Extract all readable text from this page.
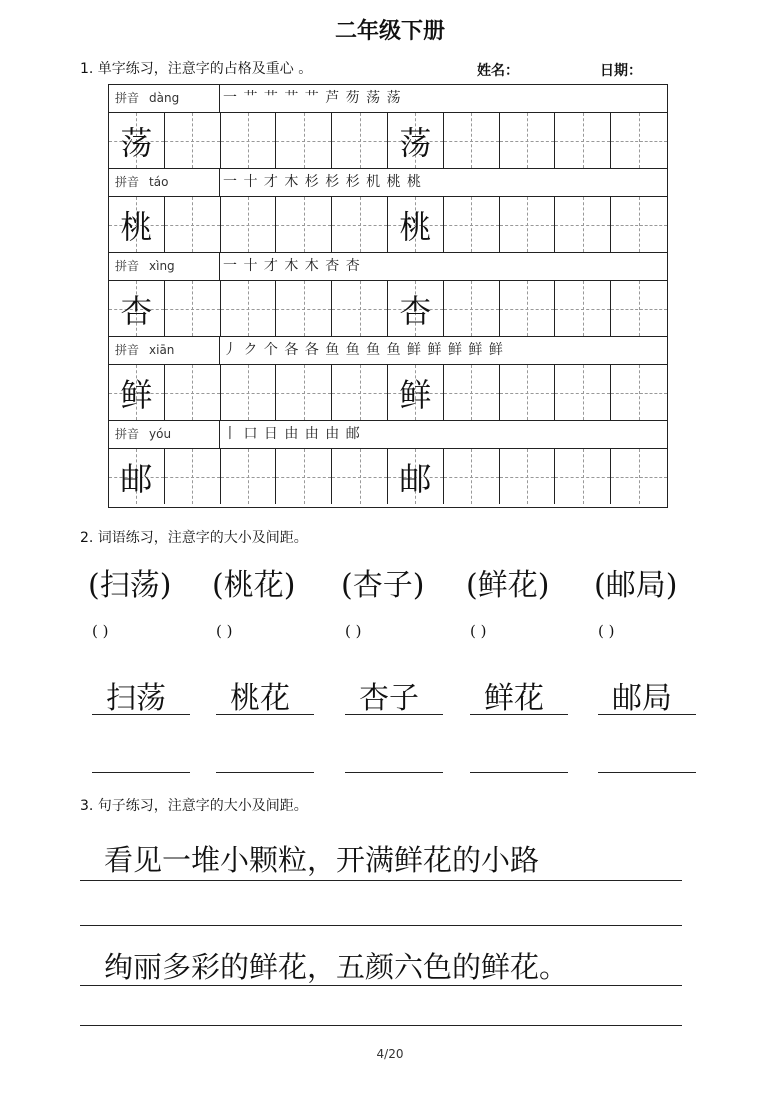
二年级下册
1. 单字练习，注意字的占格及重心 。	姓名：	日期：
拼音 dàng	一 艹 艹 艹 艹 芦 芴 荡 荡
荡	荡
拼音 táo	一 十 才 木 杉 杉 杉 机 桃 桃
桃	桃
拼音 xìng	一 十 才 木 木 杏 杏
杏	杏
拼音 xiān	丿 ク 个 各 各 鱼 鱼 鱼 鱼 鲜 鲜 鲜 鲜 鲜
鲜	鲜
拼音 yóu	丨 口 日 由 由 由 邮
邮	邮
2. 词语练习，注意字的大小及间距。
(扫荡)
( )
扫荡
(桃花)
( )
桃花
(杏子)
( )
杏子
(鲜花)
( )
鲜花
(邮局)
( )
邮局
3. 句子练习，注意字的大小及间距。
看见一堆小颗粒，开满鲜花的小路
绚丽多彩的鲜花，五颜六色的鲜花。
4/20
